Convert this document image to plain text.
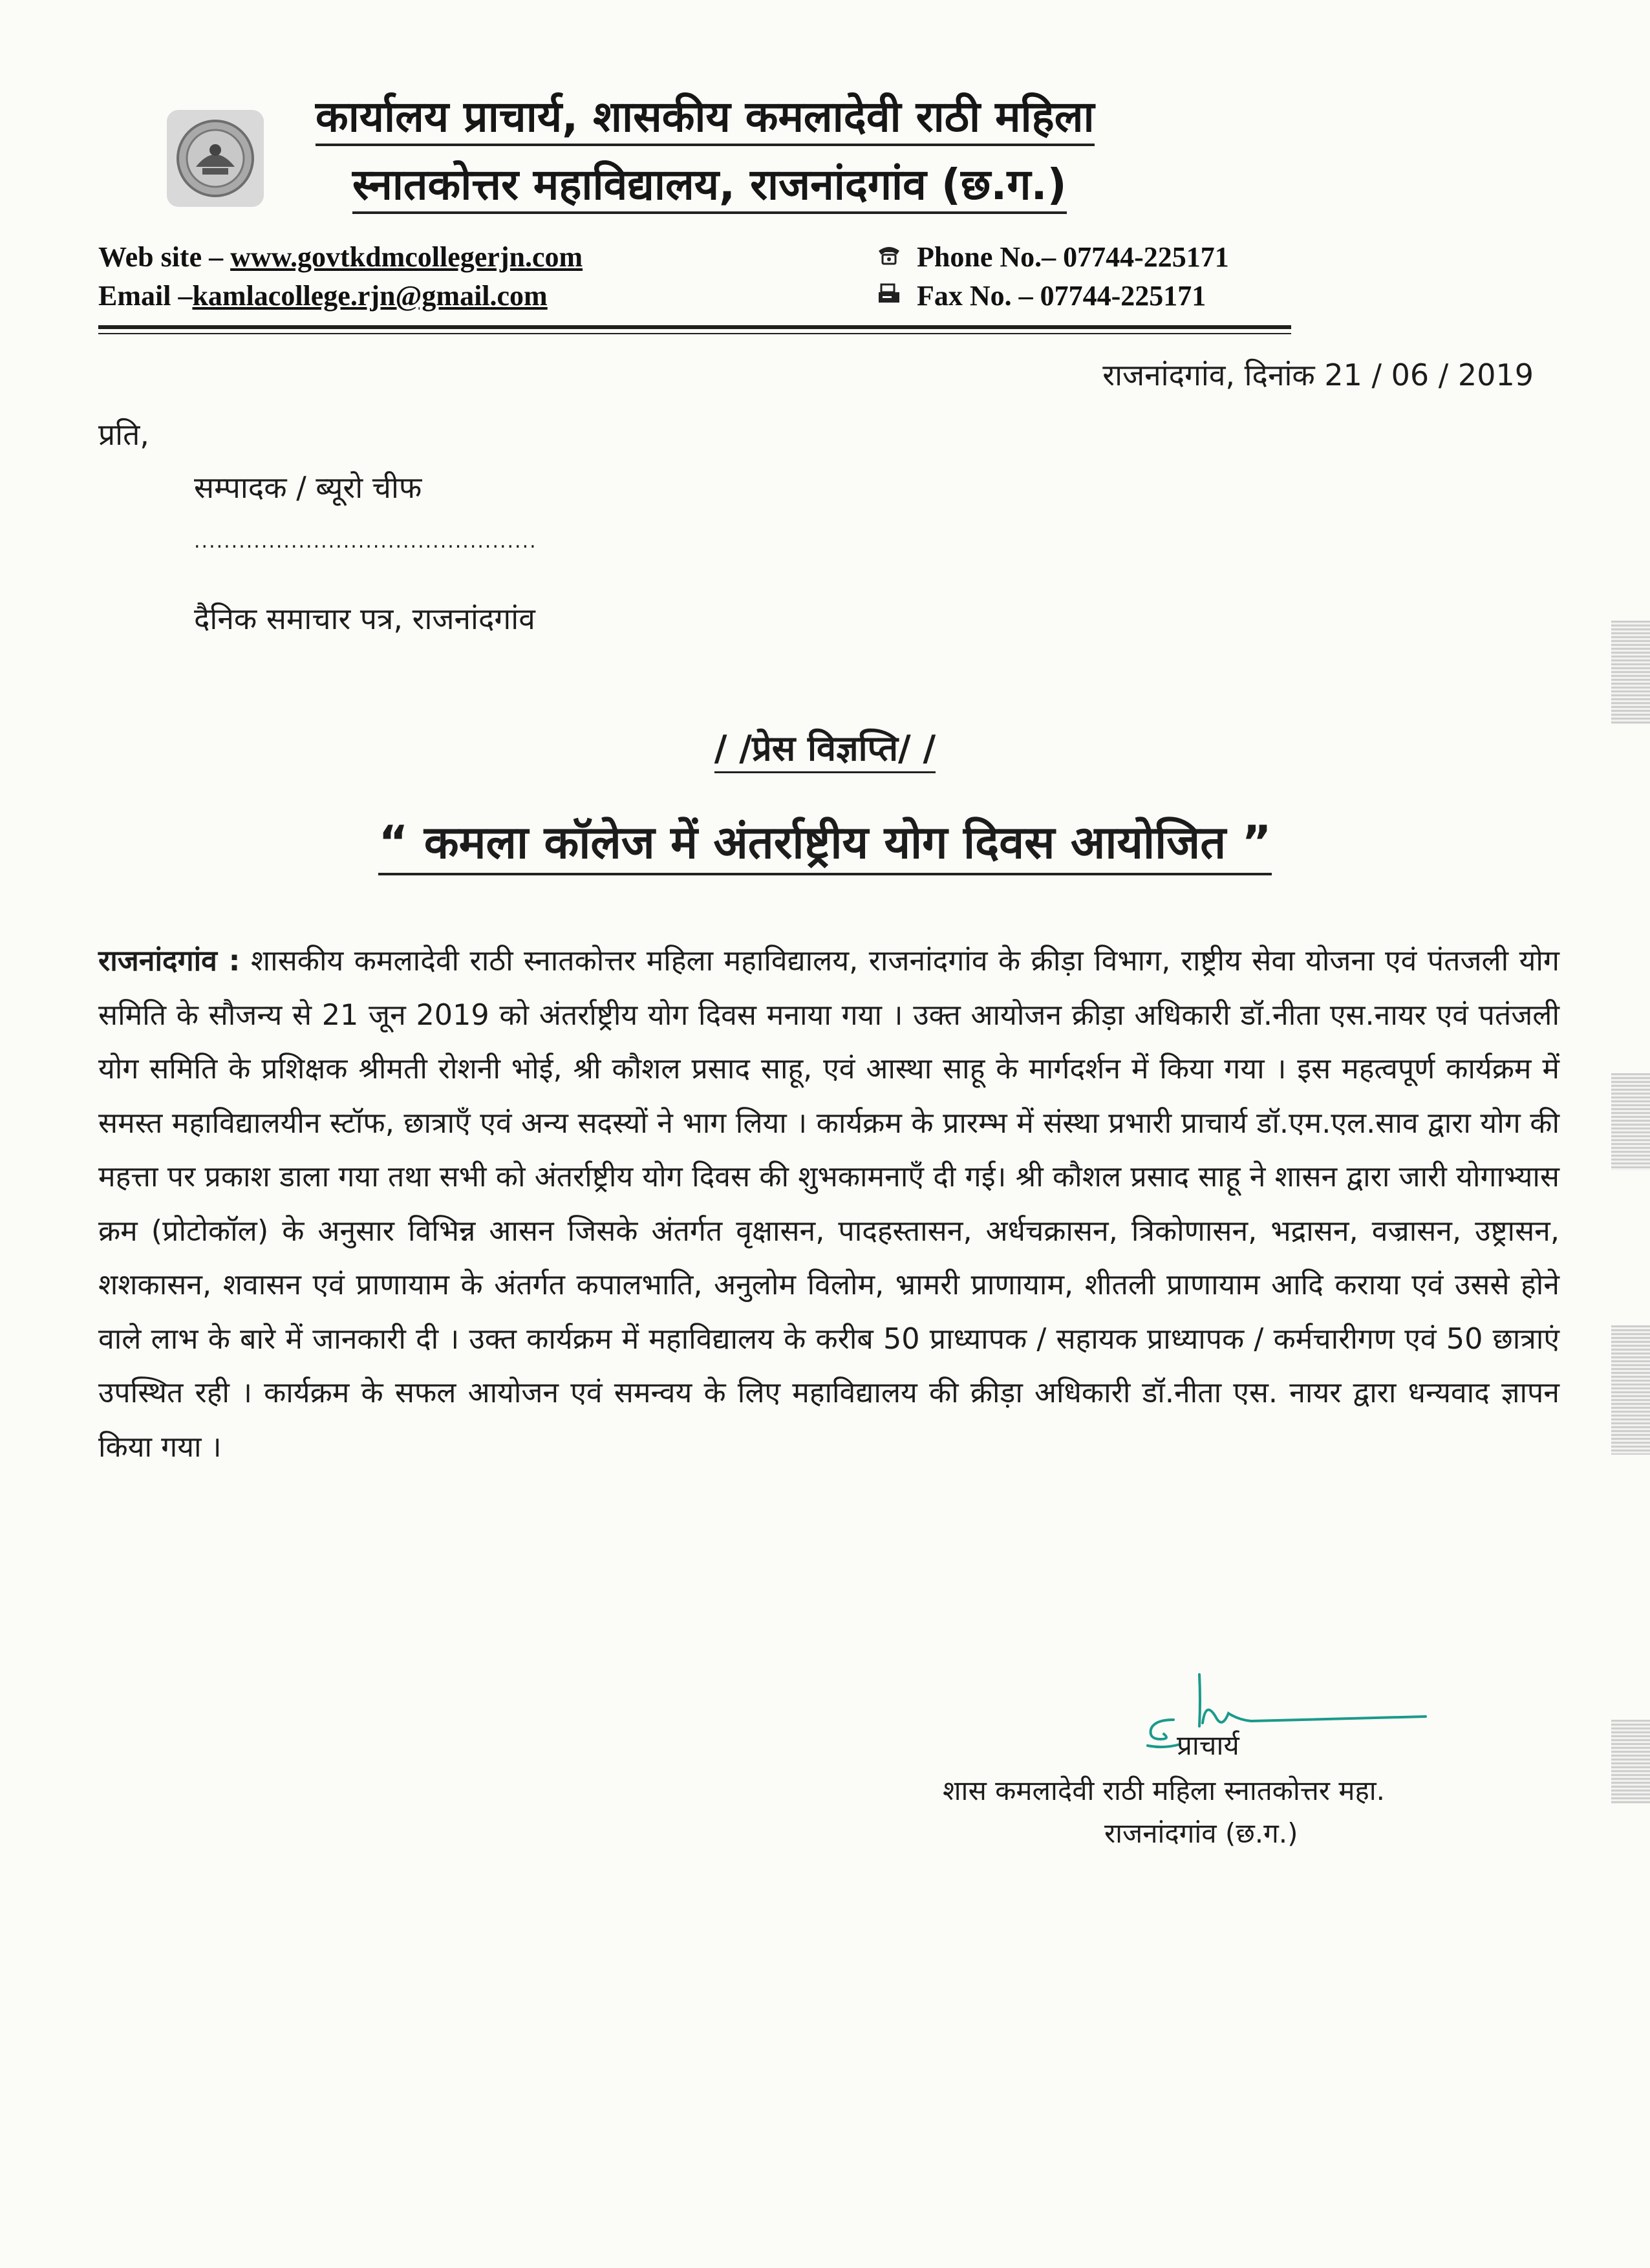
कार्यालय प्राचार्य, शासकीय कमलादेवी राठी महिला
स्नातकोत्तर महाविद्यालय, राजनांदगांव (छ.ग.)
Web site – www.govtkdmcollegerjn.com
Email –kamlacollege.rjn@gmail.com
Phone No.– 07744-225171
Fax No. – 07744-225171
राजनांदगांव, दिनांक 21 / 06 / 2019
प्रति,
सम्पादक / ब्यूरो चीफ
..............................................
दैनिक समाचार पत्र, राजनांदगांव
/ /प्रेस विज्ञप्ति/ /
“ कमला कॉलेज में अंतर्राष्ट्रीय योग दिवस आयोजित ”
राजनांदगांव : शासकीय कमलादेवी राठी स्नातकोत्तर महिला महाविद्यालय, राजनांदगांव के क्रीड़ा विभाग, राष्ट्रीय सेवा योजना एवं पंतजली योग समिति के सौजन्य से 21 जून 2019 को अंतर्राष्ट्रीय योग दिवस मनाया गया । उक्त आयोजन क्रीड़ा अधिकारी डॉ.नीता एस.नायर एवं पतंजली योग समिति के प्रशिक्षक श्रीमती रोशनी भोई, श्री कौशल प्रसाद साहू, एवं आस्था साहू के मार्गदर्शन में किया गया । इस महत्वपूर्ण कार्यक्रम में समस्त महाविद्यालयीन स्टॉफ, छात्राऍं एवं अन्य सदस्यों ने भाग लिया । कार्यक्रम के प्रारम्भ में संस्था प्रभारी प्राचार्य डॉ.एम.एल.साव द्वारा योग की महत्ता पर प्रकाश डाला गया तथा सभी को अंतर्राष्ट्रीय योग दिवस की शुभकामनाऍं दी गई। श्री कौशल प्रसाद साहू ने शासन द्वारा जारी योगाभ्यास क्रम (प्रोटोकॉल) के अनुसार विभिन्न आसन जिसके अंतर्गत वृक्षासन, पादहस्तासन, अर्धचक्रासन, त्रिकोणासन, भद्रासन, वज्रासन, उष्ट्रासन, शशकासन, शवासन एवं प्राणायाम के अंतर्गत कपालभाति, अनुलोम विलोम, भ्रामरी प्राणायाम, शीतली प्राणायाम आदि कराया एवं उससे होने वाले लाभ के बारे में जानकारी दी । उक्त कार्यक्रम में महाविद्यालय के करीब 50 प्राध्यापक / सहायक प्राध्यापक / कर्मचारीगण एवं 50 छात्राएं उपस्थित रही । कार्यक्रम के सफल आयोजन एवं समन्वय के लिए महाविद्यालय की क्रीड़ा अधिकारी डॉ.नीता एस. नायर द्वारा धन्यवाद ज्ञापन किया गया ।
प्राचार्य
शास कमलादेवी राठी महिला स्नातकोत्तर महा.
राजनांदगांव (छ.ग.)
